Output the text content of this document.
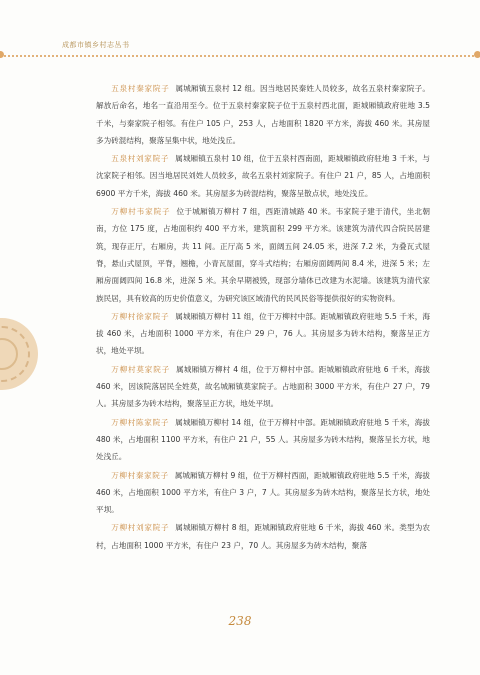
成都市镇乡村志丛书

五泉村秦家院子 属城厢镇五泉村 12 组。因当地居民秦姓人员较多，故名五泉村秦家院子。解放后命名，地名一直沿用至今。位于五泉村秦家院子位于五泉村西北面，距城厢镇政府驻地 3.5 千米，与秦家院子相邻。有住户 105 户，253 人，占地面积 1820 平方米，海拔 460 米。其房屋多为砖混结构，聚落呈集中状，地处浅丘。

五泉村刘家院子 属城厢镇五泉村 10 组，位于五泉村西南面，距城厢镇政府驻地 3 千米，与沈家院子相邻。因当地居民刘姓人员较多，故名五泉村刘家院子。有住户 21 户，85 人，占地面积 6900 平方千米，海拔 460 米。其房屋多为砖混结构，聚落呈散点状，地处浅丘。

万柳村韦家院子 位于城厢镇万柳村 7 组，西距清城路 40 米。韦家院子建于清代，坐北朝南，方位 175 度，占地面积约 400 平方米，建筑面积 299 平方米。该建筑为清代四合院民居建筑，现存正厅，右厢房，共 11 间。正厅高 5 米，面阔五间 24.05 米，进深 7.2 米，为叠瓦式屋脊，悬山式屋顶，平脊，翘檐，小青瓦屋面，穿斗式结构；右厢房面阔两间 8.4 米，进深 5 米；左厢房面阔四间 16.8 米，进深 5 米。其余早期被毁，现部分墙体已改建为水泥墙。该建筑为清代家族民居，具有较高的历史价值意义，为研究该区域清代的民风民俗等提供很好的实物资料。

万柳村徐家院子 属城厢镇万柳村 11 组，位于万柳村中部。距城厢镇政府驻地 5.5 千米，海拔 460 米，占地面积 1000 平方米，有住户 29 户，76 人。其房屋多为砖木结构，聚落呈正方状，地处平坝。

万柳村莫家院子 属城厢镇万柳村 4 组，位于万柳村中部。距城厢镇政府驻地 6 千米，海拔 460 米，因该院落居民全姓莫，故名城厢镇莫家院子。占地面积 3000 平方米，有住户 27 户，79 人。其房屋多为砖木结构，聚落呈正方状，地处平坝。

万柳村陈家院子 属城厢镇万柳村 14 组，位于万柳村中部。距城厢镇政府驻地 5 千米，海拔 480 米，占地面积 1100 平方米，有住户 21 户，55 人。其房屋多为砖木结构，聚落呈长方状，地处浅丘。

万柳村秦家院子 属城厢镇万柳村 9 组，位于万柳村西面，距城厢镇政府驻地 5.5 千米，海拔 460 米，占地面积 1000 平方米，有住户 3 户，7 人。其房屋多为砖木结构，聚落呈长方状，地处平坝。

万柳村刘家院子 属城厢镇万柳村 8 组，距城厢镇政府驻地 6 千米，海拔 460 米。类型为农村，占地面积 1000 平方米，有住户 23 户，70 人。其房屋多为砖木结构，聚落

238
